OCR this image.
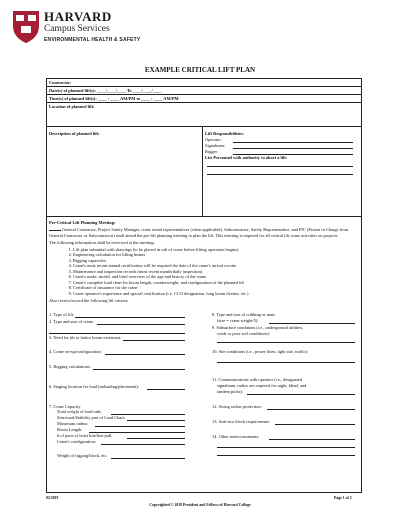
HARVARD
Campus Services
ENVIRONMENTAL HEALTH & SAFETY
EXAMPLE CRITICAL LIFT PLAN
Contractor:
Date(s) of planned lift(s): ____/____/____ To ____/____/____
Time(s) of planned lift(s): ____ : ____ AM/PM to ____ : ____ AM/PM
Location of planned lift:
Description of planned lift:	Lift Responsibilities:
Operator:
Signalman:
Rigger:
List Personnel with authority to abort a lift:

Pre-Critical Lift Planning Meeting:

General Contractor, Project Safety Manager, crane rental representatives (when applicable), Subcontractor, Safety Representative, and PIC (Person in Charge from General Contractor or Subcontractor) shall attend the pre-lift planning meeting to plan the lift. This meeting is required for all critical lift crane activities on projects.

The following information shall be reviewed at the meeting:

1. Lift plan submittal with drawings (to be placed in cab of crane before lifting operation begins)
2. Engineering calculation for lifting beams
3. Rigging capacities.
4. Crane's most recent annual certification will be required the date of the crane's arrival on-site
5. Maintenance and inspection records (most recent month/daily inspection)
6. Crane's make, model, and brief overview of the age and history of the crane.
7. Crane's complete load chart for boom length, counterweight, and configuration of the planned lift
8. Certificate of insurance for the crane
9. Crane operator's experience and special certification (i.e. CCO designation, long boom license, etc.)

Also review/record the following lift criteria:

1. Type of lift:
2. Type and size of crane:
3. Need for jib or lattice boom extension:
4. Crane set-up/configuration:
5. Rigging calculations:
6. Staging location for load (unloading/placement):
7. Crane Capacity
Total weight of load only
Structural/Stability part of Load Chart:
Maximum radius:
Boom Length:
# of parts of hoist line/line pull:
Crane's configuration:
Weight of rigging/block, etc.
8. Type and size of cribbing or mats
(size = crane weight/5):
9. Subsurface conditions (i.e., underground utilities,
voids or poor soil conditions):
10. Site conditions (i.e., power lines, tight site, traffic):
11. Communications with operator (i.e., designated
signalman, radios are required for night, blind, and
tandem picks):
12. Swing radius protection:
13. Anti-two block requirements:
14. Other notes/comments:
02/2019	Page 1 of 2
Copyrighted © 2019 President and Fellows of Harvard College
